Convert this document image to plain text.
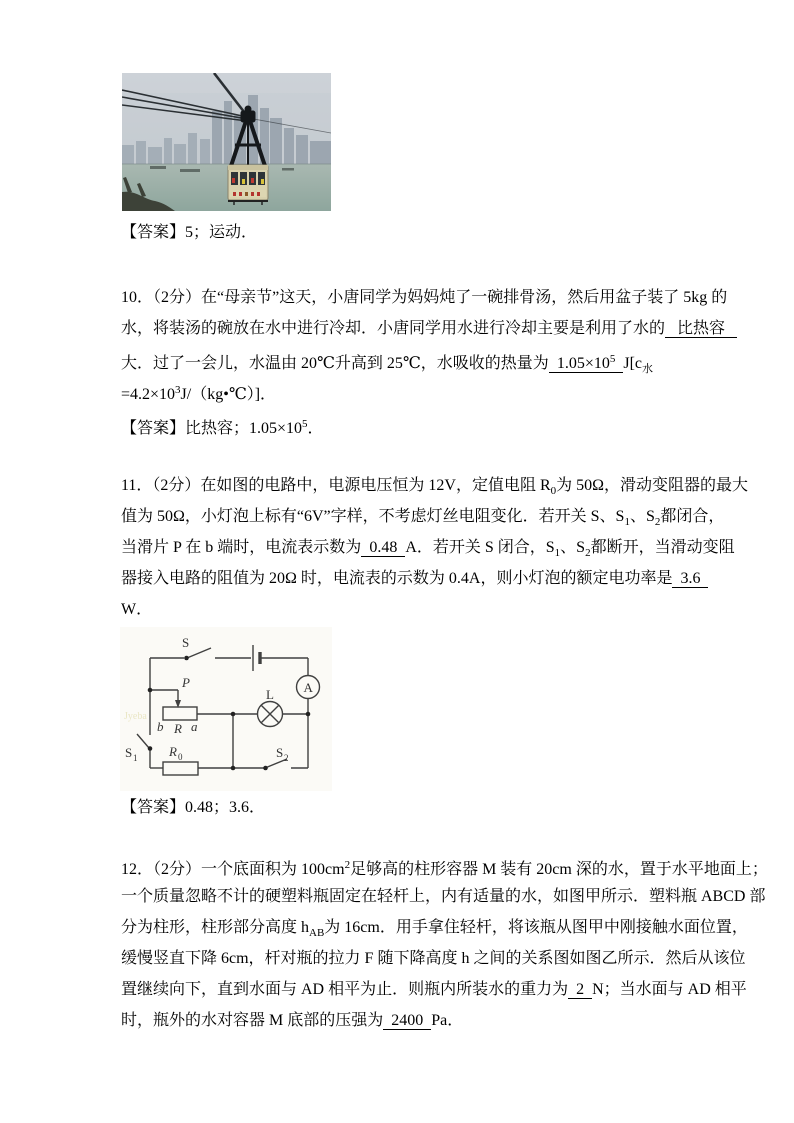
【答案】5；运动．
10．（2分）在“母亲节”这天，小唐同学为妈妈炖了一碗排骨汤，然后用盆子装了 5kg 的
水，将装汤的碗放在水中进行冷却．小唐同学用水进行冷却主要是利用了水的   比热容
大．过了一会儿，水温由 20℃升高到 25℃，水吸收的热量为  $1.05\times 10^5$ $J[c_水$
$=4.2\times 10^3J/(kg•℃)$]．
【答案】比热容；$1.05\times 10^5$．
11．（2分）在如图的电路中，电源电压恒为 12V，定值电阻 $R_0$为 50Ω，滑动变阻器的最大
值为 50Ω，小灯泡上标有“6V”字样，不考虑灯丝电阻变化．若开关 S、$S_1$、$S_2$都闭合，
当滑片 P 在 b 端时，电流表示数为  0.48  A．若开关 S 闭合，$S_1$、$S_2$都断开，当滑动变阻
器接入电路的阻值为 20Ω 时，电流表的示数为 0.4A，则小灯泡的额定电功率是  3.6
W．
Jyeba
S
P
L A
b R a
S 1 R 0	S 2
【答案】0.48；3.6．
12．（2分）一个底面积为 $100cm^2$足够高的柱形容器 M 装有 20cm 深的水，置于水平地面上；
一个质量忽略不计的硬塑料瓶固定在轻杆上，内有适量的水，如图甲所示．塑料瓶 ABCD 部
分为柱形，柱形部分高度 $h_{AB}$为 16cm．用手拿住轻杆，将该瓶从图甲中刚接触水面位置，
缓慢竖直下降 6cm，杆对瓶的拉力 F 随下降高度 h 之间的关系图如图乙所示．然后从该位
置继续向下，直到水面与 AD 相平为止．则瓶内所装水的重力为  2  N；当水面与 AD 相平
时，瓶外的水对容器 M 底部的压强为  2400  Pa．
